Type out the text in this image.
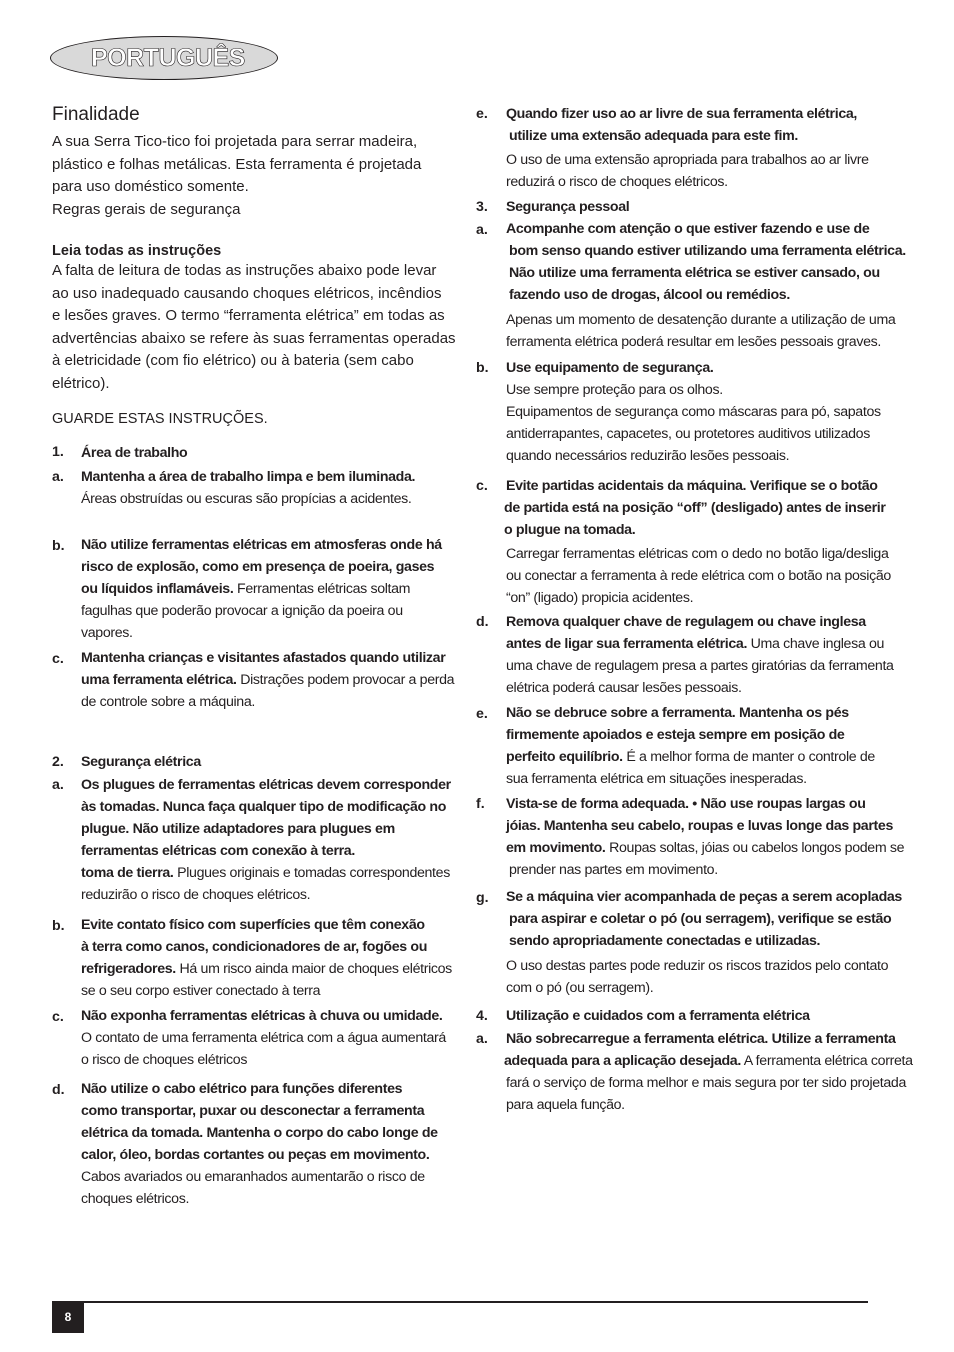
PORTUGUÊS
Finalidade
A sua Serra Tico-tico foi projetada para serrar madeira,
plástico e folhas metálicas. Esta ferramenta é projetada
para uso doméstico somente.
Regras gerais de segurança
Leia todas as instruções
A falta de leitura de todas as instruções abaixo pode levar
ao uso inadequado causando choques elétricos, incêndios
e lesões graves. O termo “ferramenta elétrica” em todas as
advertências abaixo se refere às suas ferramentas operadas
à eletricidade (com fio elétrico) ou à bateria (sem cabo
elétrico).
GUARDE ESTAS INSTRUÇÕES.
1. Área de trabalho
a. Mantenha a área de trabalho limpa e bem iluminada.
Áreas obstruídas ou escuras são propícias a acidentes.
b. Não utilize ferramentas elétricas em atmosferas onde há
risco de explosão, como em presença de poeira, gases
ou líquidos inflamáveis. Ferramentas elétricas soltam
fagulhas que poderão provocar a ignição da poeira ou
vapores.
c. Mantenha crianças e visitantes afastados quando utilizar
uma ferramenta elétrica. Distrações podem provocar a perda
de controle sobre a máquina.
2. Segurança elétrica
a. Os plugues de ferramentas elétricas devem corresponder
às tomadas. Nunca faça qualquer tipo de modificação no
plugue. Não utilize adaptadores para plugues em
ferramentas elétricas com conexão à terra.
toma de tierra. Plugues originais e tomadas correspondentes
reduzirão o risco de choques elétricos.
b. Evite contato físico com superfícies que têm conexão
à terra como canos, condicionadores de ar, fogões ou
refrigeradores. Há um risco ainda maior de choques elétricos
se o seu corpo estiver conectado à terra
c. Não exponha ferramentas elétricas à chuva ou umidade.
O contato de uma ferramenta elétrica com a água aumentará
o risco de choques elétricos
d. Não utilize o cabo elétrico para funções diferentes
como transportar, puxar ou desconectar a ferramenta
elétrica da tomada. Mantenha o corpo do cabo longe de
calor, óleo, bordas cortantes ou peças em movimento.
Cabos avariados ou emaranhados aumentarão o risco de
choques elétricos.
e. Quando fizer uso ao ar livre de sua ferramenta elétrica,
utilize uma extensão adequada para este fim.
O uso de uma extensão apropriada para trabalhos ao ar livre
reduzirá o risco de choques elétricos.
3. Segurança pessoal
a. Acompanhe com atenção o que estiver fazendo e use de
bom senso quando estiver utilizando uma ferramenta elétrica.
Não utilize uma ferramenta elétrica se estiver cansado, ou
fazendo uso de drogas, álcool ou remédios.
Apenas um momento de desatenção durante a utilização de uma
ferramenta elétrica poderá resultar em lesões pessoais graves.
b. Use equipamento de segurança.
Use sempre proteção para os olhos.
Equipamentos de segurança como máscaras para pó, sapatos
antiderrapantes, capacetes, ou protetores auditivos utilizados
quando necessários reduzirão lesões pessoais.
c. Evite partidas acidentais da máquina. Verifique se o botão
de partida está na posição “off” (desligado) antes de inserir
o plugue na tomada.
Carregar ferramentas elétricas com o dedo no botão liga/desliga
ou conectar a ferramenta à rede elétrica com o botão na posição
“on” (ligado) propicia acidentes.
d. Remova qualquer chave de regulagem ou chave inglesa
antes de ligar sua ferramenta elétrica. Uma chave inglesa ou
uma chave de regulagem presa a partes giratórias da ferramenta
elétrica poderá causar lesões pessoais.
e. Não se debruce sobre a ferramenta. Mantenha os pés
firmemente apoiados e esteja sempre em posição de
perfeito equilíbrio. É a melhor forma de manter o controle de
sua ferramenta elétrica em situações inesperadas.
f. Vista-se de forma adequada. • Não use roupas largas ou
jóias. Mantenha seu cabelo, roupas e luvas longe das partes
em movimento. Roupas soltas, jóias ou cabelos longos podem se
prender nas partes em movimento.
g. Se a máquina vier acompanhada de peças a serem acopladas
para aspirar e coletar o pó (ou serragem), verifique se estão
sendo apropriadamente conectadas e utilizadas.
O uso destas partes pode reduzir os riscos trazidos pelo contato
com o pó (ou serragem).
4. Utilização e cuidados com a ferramenta elétrica
a. Não sobrecarregue a ferramenta elétrica. Utilize a ferramenta
adequada para a aplicação desejada. A ferramenta elétrica correta
fará o serviço de forma melhor e mais segura por ter sido projetada
para aquela função.
8
